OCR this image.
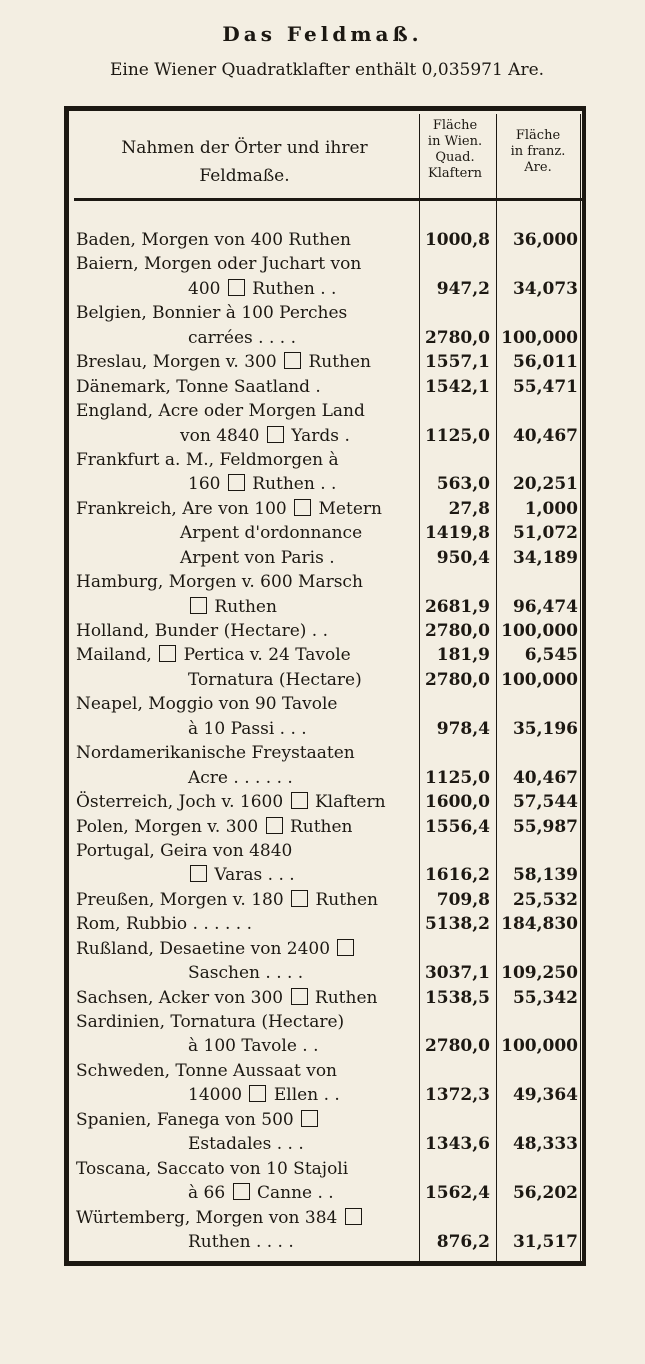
Das Feldmaß.
Eine Wiener Quadratklafter enthält 0,035971 Are.
Nahmen der Örter und ihrer
Feldmaße.
Fläche
in Wien.
Quad.
Klaftern
Fläche
in franz.
Are.
Baden, Morgen von 400 Ruthen	1000,8	36,000
Baiern, Morgen oder Juchart von
400  Ruthen . .	947,2	34,073
Belgien, Bonnier à 100 Perches
carrées . . . .	2780,0 100,000
Breslau, Morgen v. 300  Ruthen	1557,1	56,011
Dänemark, Tonne Saatland .	1542,1	55,471
England, Acre oder Morgen Land
von 4840  Yards .	1125,0	40,467
Frankfurt a. M., Feldmorgen à
160  Ruthen . .	563,0	20,251
Frankreich, Are von 100  Metern	27,8	1,000
Arpent d'ordonnance	1419,8	51,072
Arpent von Paris .	950,4	34,189
Hamburg, Morgen v. 600 Marsch
Ruthen	2681,9	96,474
Holland, Bunder (Hectare) . .	2780,0 100,000
Mailand,  Pertica v. 24 Tavole	181,9	6,545
Tornatura (Hectare)	2780,0 100,000
Neapel, Moggio von 90 Tavole
à 10 Passi . . .	978,4	35,196
Nordamerikanische Freystaaten
Acre . . . . . .	1125,0	40,467
Österreich, Joch v. 1600  Klaftern	1600,0	57,544
Polen, Morgen v. 300  Ruthen	1556,4	55,987
Portugal, Geira von 4840
Varas . . .	1616,2	58,139
Preußen, Morgen v. 180  Ruthen	709,8	25,532
Rom, Rubbio . . . . . .	5138,2 184,830
Rußland, Desaetine von 2400
Saschen . . . .	3037,1 109,250
Sachsen, Acker von 300  Ruthen	1538,5	55,342
Sardinien, Tornatura (Hectare)
à 100 Tavole . .	2780,0 100,000
Schweden, Tonne Aussaat von
14000  Ellen . .	1372,3	49,364
Spanien, Fanega von 500
Estadales . . .	1343,6	48,333
Toscana, Saccato von 10 Stajoli
à 66  Canne . .	1562,4	56,202
Würtemberg, Morgen von 384
Ruthen . . . .	876,2	31,517
